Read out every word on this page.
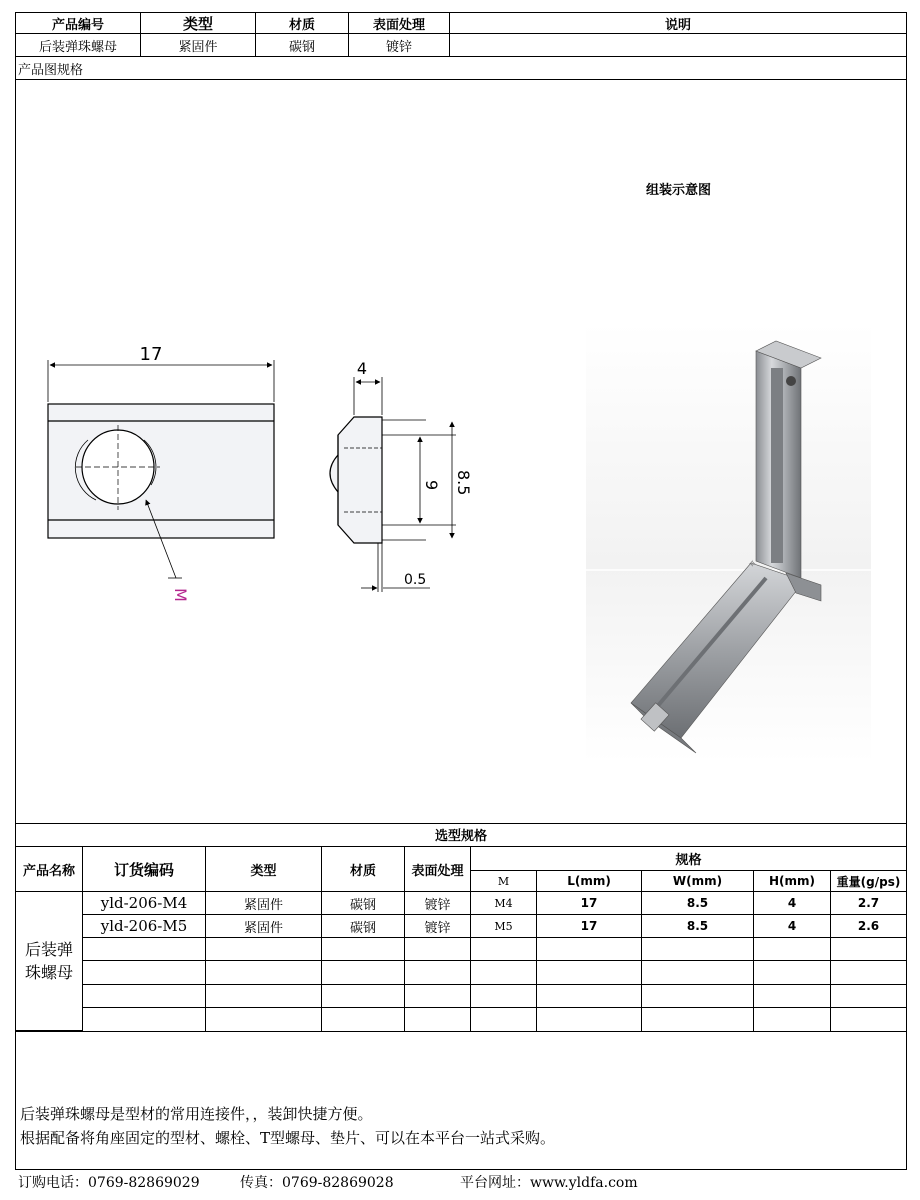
产品编号	类型	材质	表面处理	说明
后装弹珠螺母	紧固件	碳钢	镀锌
产品图规格
组装示意图
17
M
4
9 8.5
0.5
✧
选型规格
产品名称	订货编码	类型	材质	表面处理
规格
M	L(mm)	W(mm)	H(mm)	重量(g/ps)
后装弹
珠螺母
后装弹珠螺母是型材的常用连接件，，装卸快捷方便。
根据配备将角座固定的型材、螺栓、T型螺母、垫片、可以在本平台一站式采购。
yld-206-M4	紧固件	碳钢	镀锌	M4	17	8.5	4	2.7
yld-206-M5	紧固件	碳钢	镀锌	M5	17	8.5	4	2.6
订购电话：0769-82869029	传真：0769-82869028	平台网址：www.yldfa.com
